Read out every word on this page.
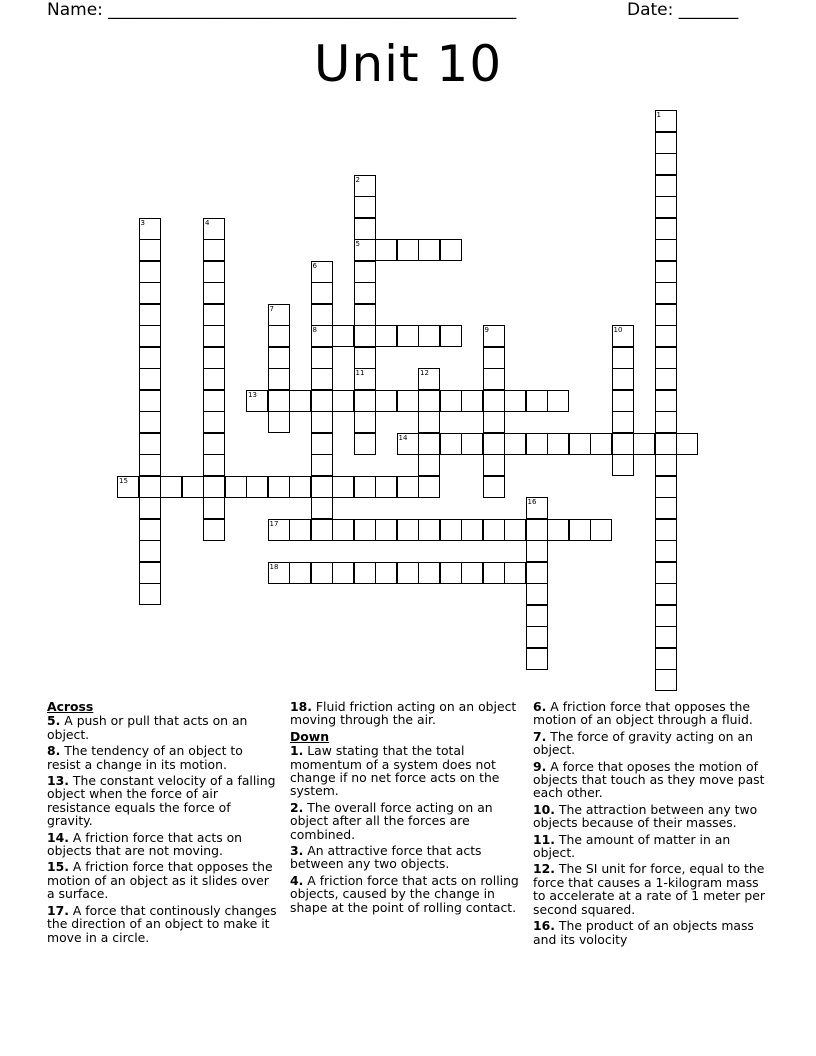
Name: ________________________________________________	Date: _______
Unit 10
1
2
5
11
3	4
6
8
7
9	10
12
13
14
15
16
17
18
Across
5. A push or pull that acts on an object.
8. The tendency of an object to resist a change in its motion.
13. The constant velocity of a falling object when the force of air resistance equals the force of gravity.
14. A friction force that acts on objects that are not moving.
15. A friction force that opposes the motion of an object as it slides over a surface.
17. A force that continously changes the direction of an object to make it move in a circle.
18. Fluid friction acting on an object moving through the air.
Down
1. Law stating that the total momentum of a system does not change if no net force acts on the system.
2. The overall force acting on an object after all the forces are combined.
3. An attractive force that acts between any two objects.
4. A friction force that acts on rolling objects, caused by the change in shape at the point of rolling contact.
6. A friction force that opposes the motion of an object through a fluid.
7. The force of gravity acting on an object.
9. A force that oposes the motion of objects that touch as they move past each other.
10. The attraction between any two objects because of their masses.
11. The amount of matter in an object.
12. The SI unit for force, equal to the force that causes a 1-kilogram mass to accelerate at a rate of 1 meter per second squared.
16. The product of an objects mass and its volocity
